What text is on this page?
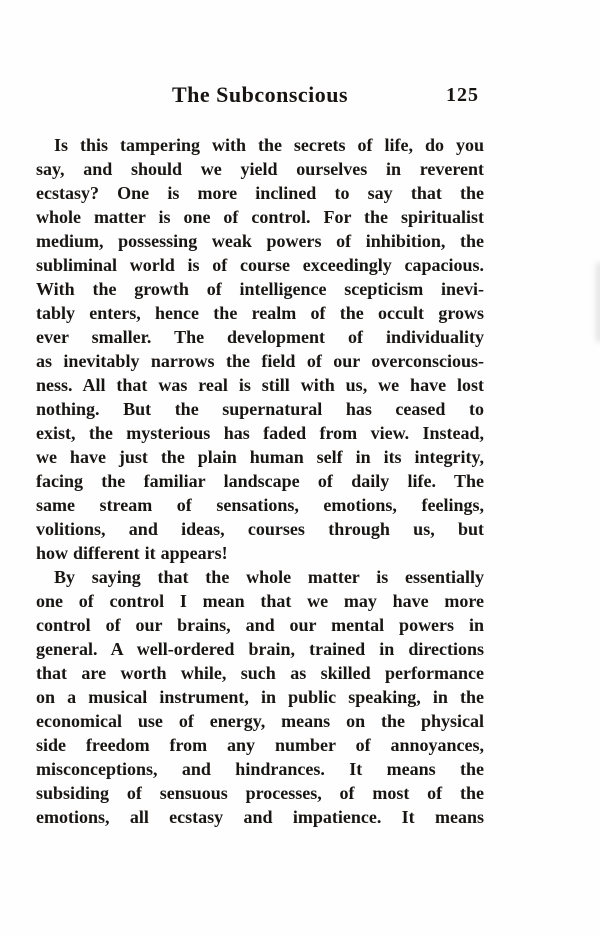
The Subconscious	125
Is this tampering with the secrets of life, do you
say, and should we yield ourselves in reverent
ecstasy? One is more inclined to say that the
whole matter is one of control. For the spiritualist
medium, possessing weak powers of inhibition, the
subliminal world is of course exceedingly capacious.
With the growth of intelligence scepticism inevi-
tably enters, hence the realm of the occult grows
ever smaller. The development of individuality
as inevitably narrows the field of our overconscious-
ness. All that was real is still with us, we have lost
nothing. But the supernatural has ceased to
exist, the mysterious has faded from view. Instead,
we have just the plain human self in its integrity,
facing the familiar landscape of daily life. The
same stream of sensations, emotions, feelings,
volitions, and ideas, courses through us, but
how different it appears!
By saying that the whole matter is essentially
one of control I mean that we may have more
control of our brains, and our mental powers in
general. A well-ordered brain, trained in directions
that are worth while, such as skilled performance
on a musical instrument, in public speaking, in the
economical use of energy, means on the physical
side freedom from any number of annoyances,
misconceptions, and hindrances. It means the
subsiding of sensuous processes, of most of the
emotions, all ecstasy and impatience. It means
